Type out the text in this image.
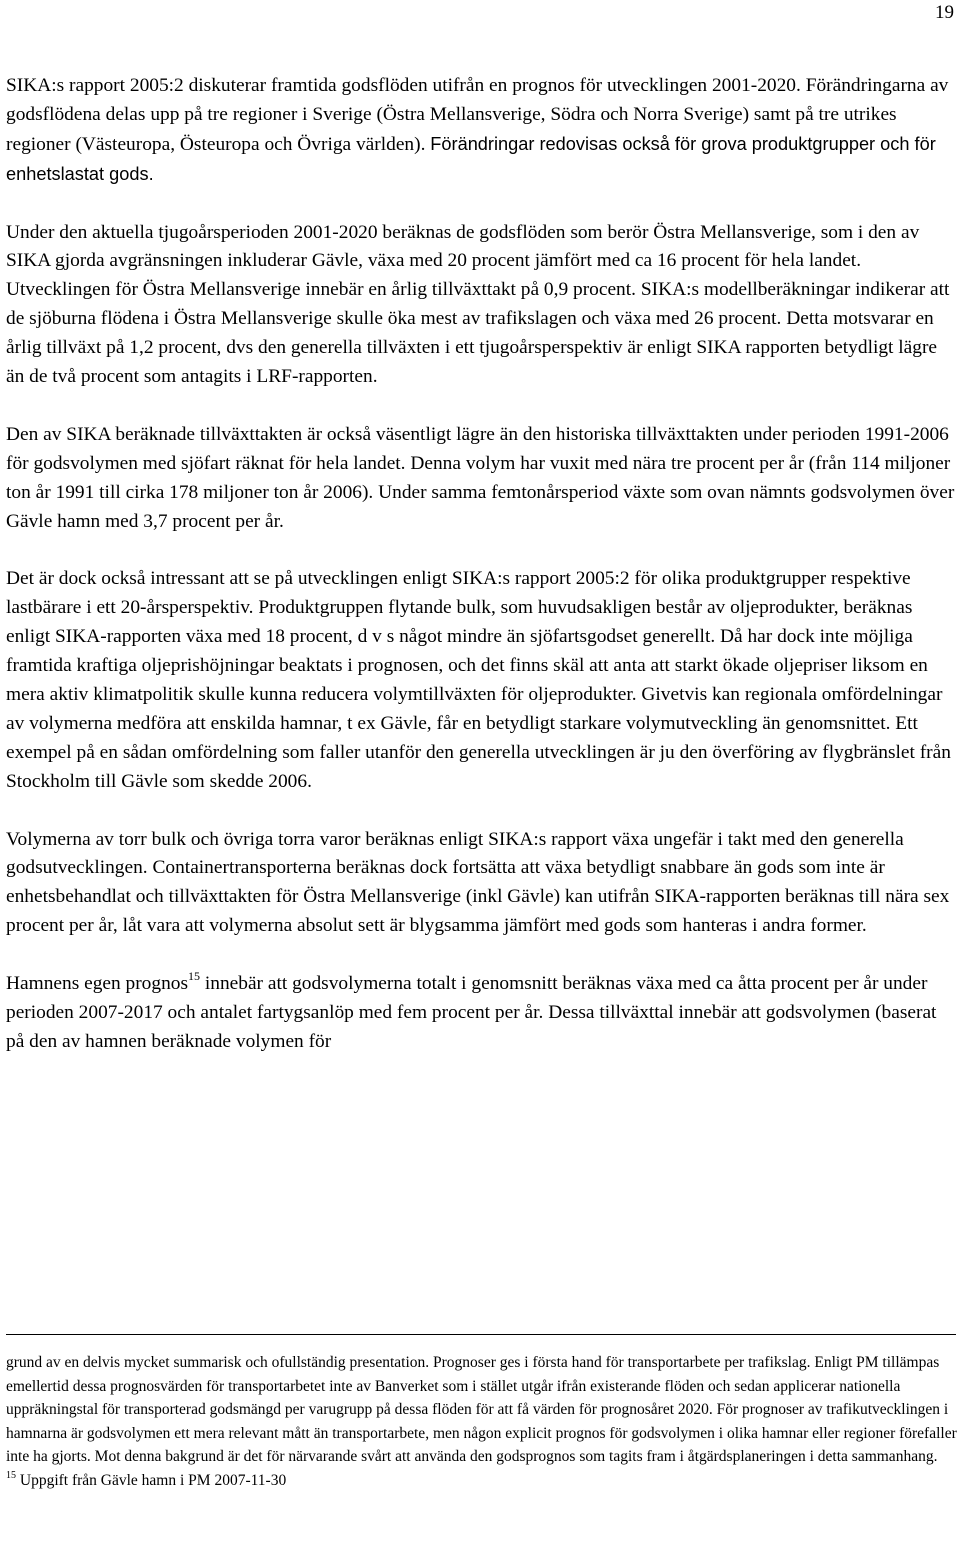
19

SIKA:s rapport 2005:2 diskuterar framtida godsflöden utifrån en prognos för utvecklingen 2001-2020. Förändringarna av godsflödena delas upp på tre regioner i Sverige (Östra Mellansverige, Södra och Norra Sverige) samt på tre utrikes regioner (Västeuropa, Östeuropa och Övriga världen). Förändringar redovisas också för grova produktgrupper och för enhetslastat gods.

Under den aktuella tjugoårsperioden 2001-2020 beräknas de godsflöden som berör Östra Mellansverige, som i den av SIKA gjorda avgränsningen inkluderar Gävle, växa med 20 procent jämfört med ca 16 procent för hela landet. Utvecklingen för Östra Mellansverige innebär en årlig tillväxttakt på 0,9 procent. SIKA:s modellberäkningar indikerar att de sjöburna flödena i Östra Mellansverige skulle öka mest av trafikslagen och växa med 26 procent. Detta motsvarar en årlig tillväxt på 1,2 procent, dvs den generella tillväxten i ett tjugoårsperspektiv är enligt SIKA rapporten betydligt lägre än de två procent som antagits i LRF-rapporten.

Den av SIKA beräknade tillväxttakten är också väsentligt lägre än den historiska tillväxttakten under perioden 1991-2006 för godsvolymen med sjöfart räknat för hela landet. Denna volym har vuxit med nära tre procent per år (från 114 miljoner ton år 1991 till cirka 178 miljoner ton år 2006). Under samma femtonårsperiod växte som ovan nämnts godsvolymen över Gävle hamn med 3,7 procent per år.

Det är dock också intressant att se på utvecklingen enligt SIKA:s rapport 2005:2 för olika produktgrupper respektive lastbärare i ett 20-årsperspektiv. Produktgruppen flytande bulk, som huvudsakligen består av oljeprodukter, beräknas enligt SIKA-rapporten växa med 18 procent, d v s något mindre än sjöfartsgodset generellt. Då har dock inte möjliga framtida kraftiga oljeprishöjningar beaktats i prognosen, och det finns skäl att anta att starkt ökade oljepriser liksom en mera aktiv klimatpolitik skulle kunna reducera volymtillväxten för oljeprodukter. Givetvis kan regionala omfördelningar av volymerna medföra att enskilda hamnar, t ex Gävle, får en betydligt starkare volymutveckling än genomsnittet. Ett exempel på en sådan omfördelning som faller utanför den generella utvecklingen är ju den överföring av flygbränslet från Stockholm till Gävle som skedde 2006.

Volymerna av torr bulk och övriga torra varor beräknas enligt SIKA:s rapport växa ungefär i takt med den generella godsutvecklingen. Containertransporterna beräknas dock fortsätta att växa betydligt snabbare än gods som inte är enhetsbehandlat och tillväxttakten för Östra Mellansverige (inkl Gävle) kan utifrån SIKA-rapporten beräknas till nära sex procent per år, låt vara att volymerna absolut sett är blygsamma jämfört med gods som hanteras i andra former.

Hamnens egen prognos$^{15}$ innebär att godsvolymerna totalt i genomsnitt beräknas växa med ca åtta procent per år under perioden 2007-2017 och antalet fartygsanlöp med fem procent per år. Dessa tillväxttal innebär att godsvolymen (baserat på den av hamnen beräknade volymen för

grund av en delvis mycket summarisk och ofullständig presentation. Prognoser ges i första hand för transportarbete per trafikslag. Enligt PM tillämpas emellertid dessa prognosvärden för transportarbetet inte av Banverket som i stället utgår ifrån existerande flöden och sedan applicerar nationella uppräkningstal för transporterad godsmängd per varugrupp på dessa flöden för att få värden för prognosåret 2020. För prognoser av trafikutvecklingen i hamnarna är godsvolymen ett mera relevant mått än transportarbete, men någon explicit prognos för godsvolymen i olika hamnar eller regioner förefaller inte ha gjorts. Mot denna bakgrund är det för närvarande svårt att använda den godsprognos som tagits fram i åtgärdsplaneringen i detta sammanhang.

$^{15}$ Uppgift från Gävle hamn i PM 2007-11-30
